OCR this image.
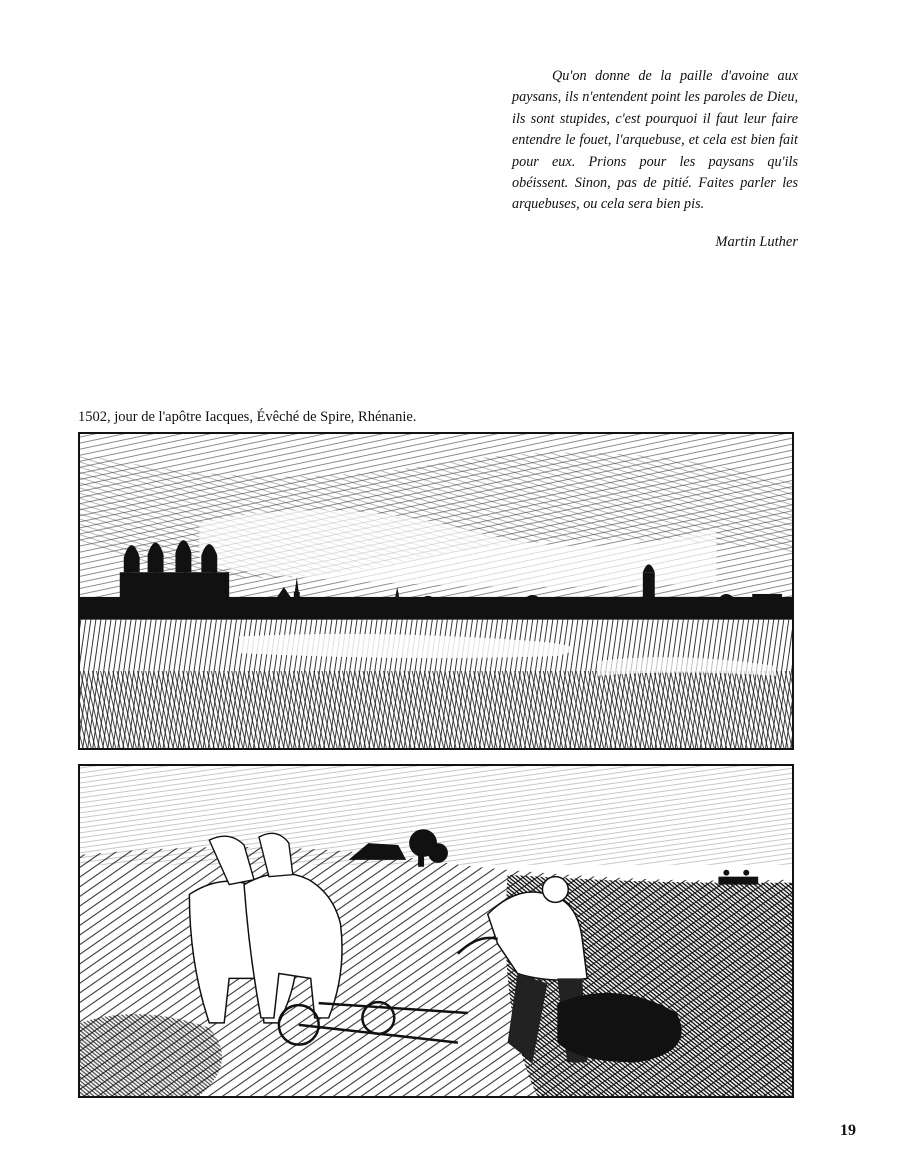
Qu'on donne de la paille d'avoine aux paysans, ils n'entendent point les paroles de Dieu, ils sont stupides, c'est pourquoi il faut leur faire entendre le fouet, l'arquebuse, et cela est bien fait pour eux. Prions pour les paysans qu'ils obéissent. Sinon, pas de pitié. Faites parler les arquebuses, ou cela sera bien pis.

Martin Luther

1502, jour de l'apôtre Iacques, Évêché de Spire, Rhénanie.

19
